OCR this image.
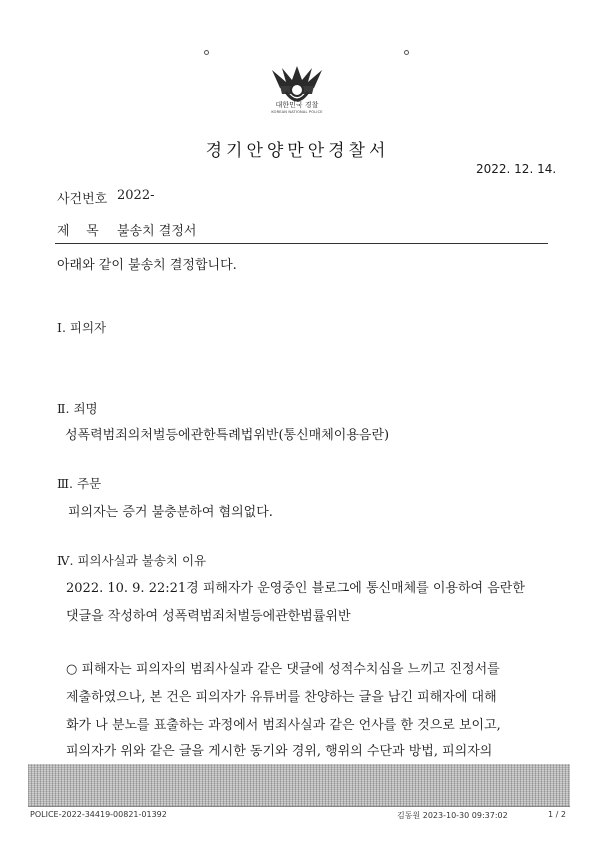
대한민국 경찰
KOREAN NATIONAL POLICE
경기안양만안경찰서
2022. 12. 14.
사건번호 2022-
제    목 불송치 결정서
아래와 같이 불송치 결정합니다.
Ⅰ. 피의자
Ⅱ. 죄명
성폭력범죄의처벌등에관한특례법위반(통신매체이용음란)
Ⅲ. 주문
피의자는 증거 불충분하여 혐의없다.
Ⅳ. 피의사실과 불송치 이유
2022. 10. 9. 22:21경 피해자가 운영중인 블로그에 통신매체를 이용하여 음란한
댓글을 작성하여 성폭력범죄처벌등에관한범률위반
○ 피해자는 피의자의 범죄사실과 같은 댓글에 성적수치심을 느끼고 진정서를
제출하였으나, 본 건은 피의자가 유튜버를 찬양하는 글을 남긴 피해자에 대해
화가 나 분노를 표출하는 과정에서 범죄사실과 같은 언사를 한 것으로 보이고,
피의자가 위와 같은 글을 게시한 동기와 경위, 행위의 수단과 방법, 피의자의
POLICE-2022-34419-00821-01392	김동원 2023-10-30 09:37:02	1 / 2
